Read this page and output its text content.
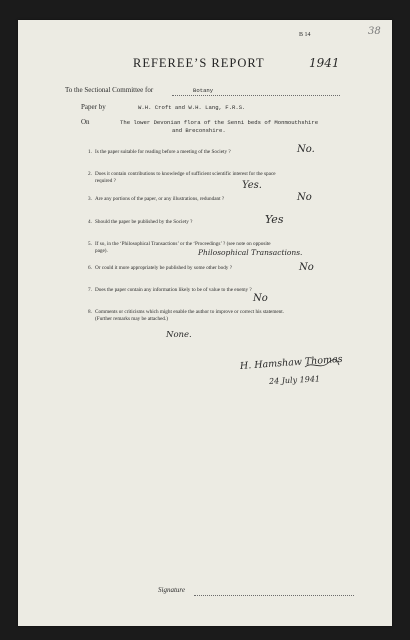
B 14	38
REFEREE’S REPORT	1941
To the Sectional Committee for	Botany
Paper by	W.H. Croft and W.H. Lang, F.R.S.
On	The lower Devonian flora of the Senni beds of Monmouthshire
and Breconshire.
1. Is the paper suitable for reading before a meeting of the Society ?	No.
2. Does it contain contributions to knowledge of sufficient scientific interest for the space
required ?	Yes.
3. Are any portions of the paper, or any illustrations, redundant ?	No
4. Should the paper be published by the Society ?	Yes
5. If so, in the ‘Philosophical Transactions’ or the ‘Proceedings’ ? (see note on opposite
page).	Philosophical Transactions.
6. Or could it more appropriately be published by some other body ?	No
7. Does the paper contain any information likely to be of value to the enemy ?
No
8. Comments or criticisms which might enable the author to improve or correct his statement.
(Further remarks may be attached.)
None.
H. Hamshaw Thomas
24 July 1941
Signature
